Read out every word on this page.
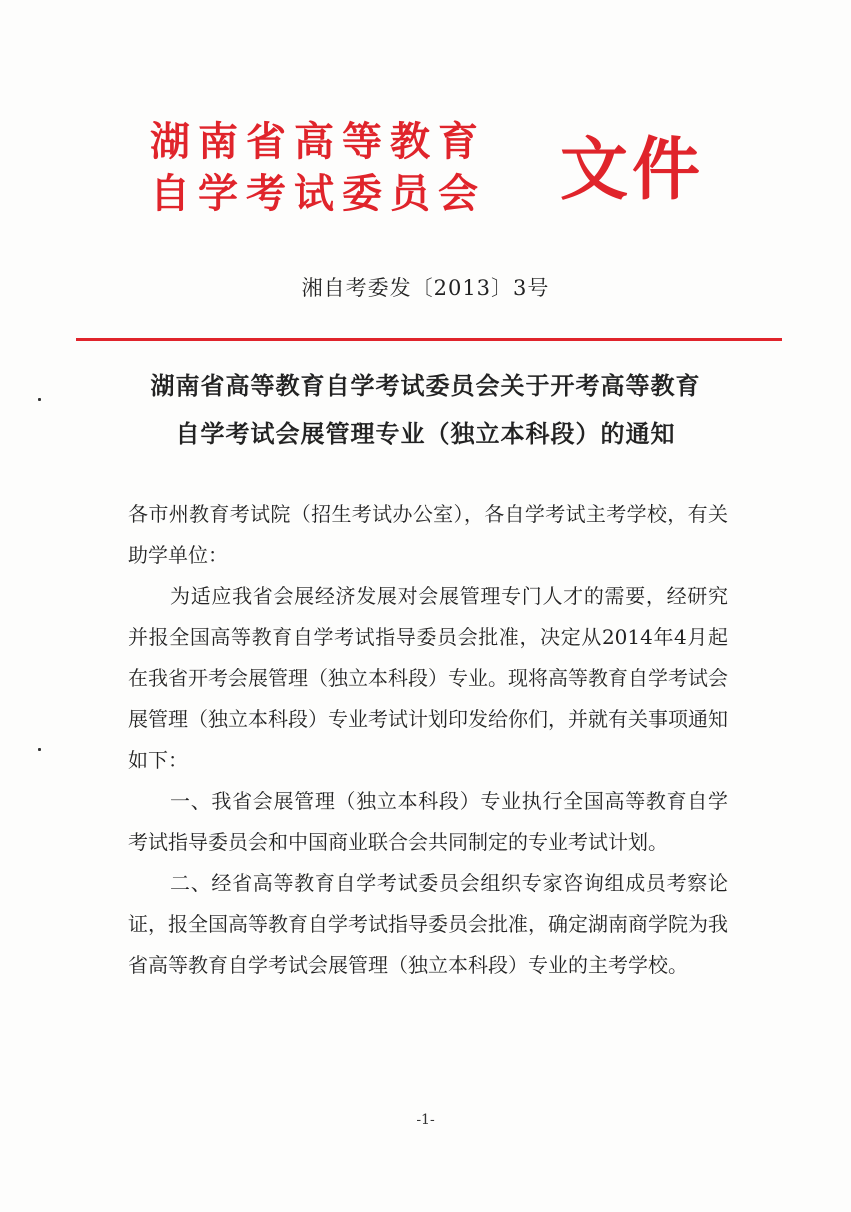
湖南省高等教育
自学考试委员会 文件
湘自考委发〔2013〕3号
湖南省高等教育自学考试委员会关于开考高等教育
自学考试会展管理专业（独立本科段）的通知

各市州教育考试院（招生考试办公室），各自学考试主考学校，有关助学单位：

为适应我省会展经济发展对会展管理专门人才的需要，经研究并报全国高等教育自学考试指导委员会批准，决定从2014年4月起在我省开考会展管理（独立本科段）专业。现将高等教育自学考试会展管理（独立本科段）专业考试计划印发给你们，并就有关事项通知如下：

一、我省会展管理（独立本科段）专业执行全国高等教育自学考试指导委员会和中国商业联合会共同制定的专业考试计划。

二、经省高等教育自学考试委员会组织专家咨询组成员考察论证，报全国高等教育自学考试指导委员会批准，确定湖南商学院为我省高等教育自学考试会展管理（独立本科段）专业的主考学校。

-1-
